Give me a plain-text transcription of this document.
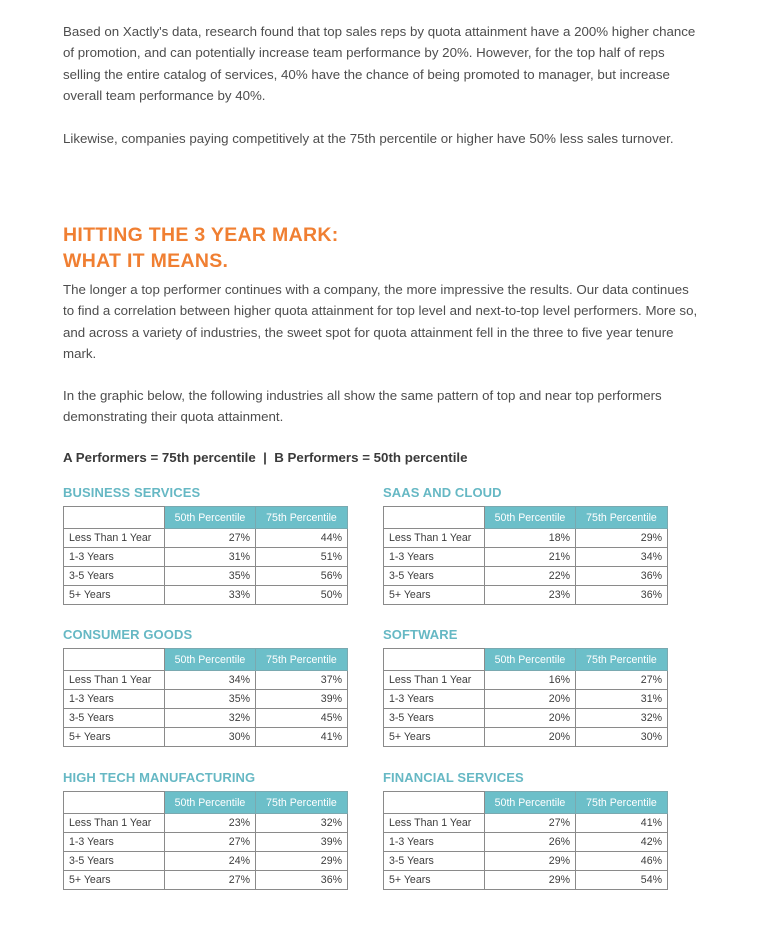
Based on Xactly's data, research found that top sales reps by quota attainment have a 200% higher chance of promotion, and can potentially increase team performance by 20%. However, for the top half of reps selling the entire catalog of services, 40% have the chance of being promoted to manager, but increase overall team performance by 40%.

Likewise, companies paying competitively at the 75th percentile or higher have 50% less sales turnover.

HITTING THE 3 YEAR MARK:
WHAT IT MEANS.

The longer a top performer continues with a company, the more impressive the results. Our data continues to find a correlation between higher quota attainment for top level and next-to-top level performers. More so, and across a variety of industries, the sweet spot for quota attainment fell in the three to five year tenure mark.

In the graphic below, the following industries all show the same pattern of top and near top performers demonstrating their quota attainment.

A Performers = 75th percentile  |  B Performers = 50th percentile
BUSINESS SERVICES
	50th Percentile	75th Percentile
Less Than 1 Year	27%	44%
1-3 Years	31%	51%
3-5 Years	35%	56%
5+ Years	33%	50%
SAAS AND CLOUD
	50th Percentile	75th Percentile
Less Than 1 Year	18%	29%
1-3 Years	21%	34%
3-5 Years	22%	36%
5+ Years	23%	36%
CONSUMER GOODS
	50th Percentile	75th Percentile
Less Than 1 Year	34%	37%
1-3 Years	35%	39%
3-5 Years	32%	45%
5+ Years	30%	41%
SOFTWARE
	50th Percentile	75th Percentile
Less Than 1 Year	16%	27%
1-3 Years	20%	31%
3-5 Years	20%	32%
5+ Years	20%	30%
HIGH TECH MANUFACTURING
	50th Percentile	75th Percentile
Less Than 1 Year	23%	32%
1-3 Years	27%	39%
3-5 Years	24%	29%
5+ Years	27%	36%
FINANCIAL SERVICES
	50th Percentile	75th Percentile
Less Than 1 Year	27%	41%
1-3 Years	26%	42%
3-5 Years	29%	46%
5+ Years	29%	54%
